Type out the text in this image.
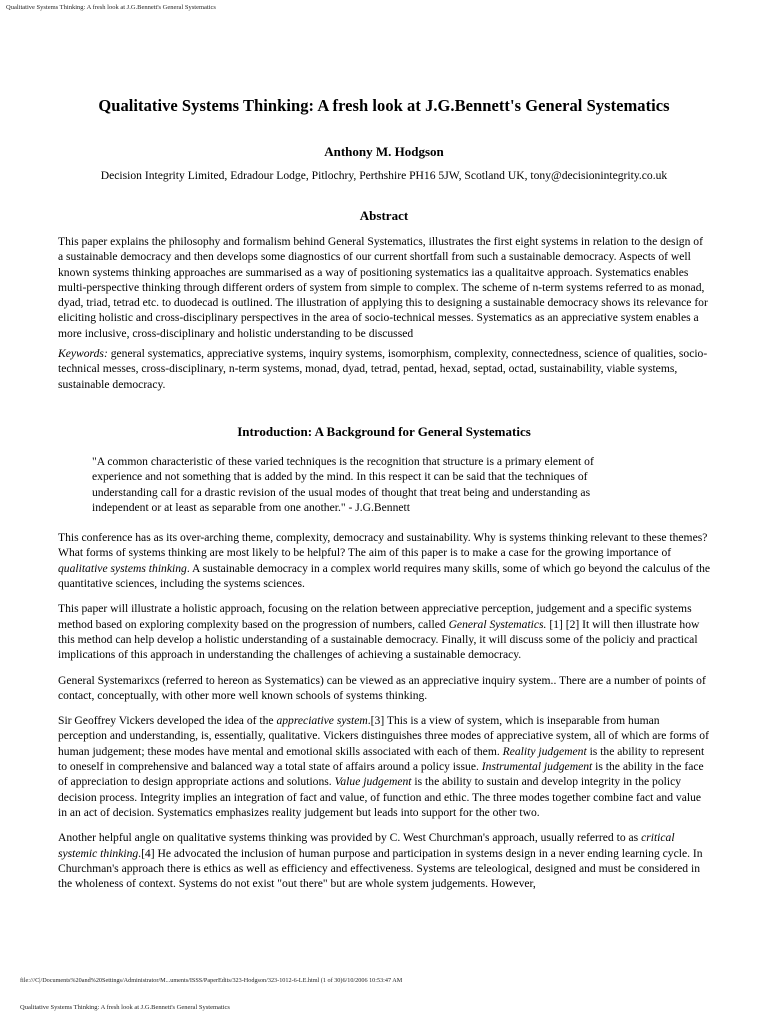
Qualitative Systems Thinking: A fresh look at J.G.Bennett's General Systematics
Qualitative Systems Thinking: A fresh look at J.G.Bennett's General Systematics
Anthony M. Hodgson
Decision Integrity Limited, Edradour Lodge, Pitlochry, Perthshire PH16 5JW, Scotland UK, tony@decisionintegrity.co.uk
Abstract

This paper explains the philosophy and formalism behind General Systematics, illustrates the first eight systems in relation to the design of a sustainable democracy and then develops some diagnostics of our current shortfall from such a sustainable democracy. Aspects of well known systems thinking approaches are summarised as a way of positioning systematics ias a qualitaitve approach. Systematics enables multi-perspective thinking through different orders of system from simple to complex. The scheme of n-term systems referred to as monad, dyad, triad, tetrad etc. to duodecad is outlined. The illustration of applying this to designing a sustainable democracy shows its relevance for eliciting holistic and cross-disciplinary perspectives in the area of socio-technical messes. Systematics as an appreciative system enables a more inclusive, cross-disciplinary and holistic understanding to be discussed

Keywords: general systematics, appreciative systems, inquiry systems, isomorphism, complexity, connectedness, science of qualities, socio-technical messes, cross-disciplinary, n-term systems, monad, dyad, tetrad, pentad, hexad, septad, octad, sustainability, viable systems, sustainable democracy.

Introduction: A Background for General Systematics
"A common characteristic of these varied techniques is the recognition that structure is a primary element of experience and not something that is added by the mind. In this respect it can be said that the techniques of understanding call for a drastic revision of the usual modes of thought that treat being and understanding as independent or at least as separable from one another." - J.G.Bennett

This conference has as its over-arching theme, complexity, democracy and sustainability. Why is systems thinking relevant to these themes? What forms of systems thinking are most likely to be helpful? The aim of this paper is to make a case for the growing importance of qualitative systems thinking. A sustainable democracy in a complex world requires many skills, some of which go beyond the calculus of the quantitative sciences, including the systems sciences.

This paper will illustrate a holistic approach, focusing on the relation between appreciative perception, judgement and a specific systems method based on exploring complexity based on the progression of numbers, called General Systematics. [1] [2] It will then illustrate how this method can help develop a holistic understanding of a sustainable democracy. Finally, it will discuss some of the policiy and practical implications of this approach in understanding the challenges of achieving a sustainable democracy.

General Systemarixcs (referred to hereon as Systematics) can be viewed as an appreciative inquiry system.. There are a number of points of contact, conceptually, with other more well known schools of systems thinking.

Sir Geoffrey Vickers developed the idea of the appreciative system.[3] This is a view of system, which is inseparable from human perception and understanding, is, essentially, qualitative. Vickers distinguishes three modes of appreciative system, all of which are forms of human judgement; these modes have mental and emotional skills associated with each of them. Reality judgement is the ability to represent to oneself in comprehensive and balanced way a total state of affairs around a policy issue. Instrumental judgement is the ability in the face of appreciation to design appropriate actions and solutions. Value judgement is the ability to sustain and develop integrity in the policy decision process. Integrity implies an integration of fact and value, of function and ethic. The three modes together combine fact and value in an act of decision. Systematics emphasizes reality judgement but leads into support for the other two.

Another helpful angle on qualitative systems thinking was provided by C. West Churchman's approach, usually referred to as critical systemic thinking.[4] He advocated the inclusion of human purpose and participation in systems design in a never ending learning cycle. In Churchman's approach there is ethics as well as efficiency and effectiveness. Systems are teleological, designed and must be considered in the wholeness of context. Systems do not exist "out there" but are whole system judgements. However,

file:///C|/Documents%20and%20Settings/Administrator/M...uments/ISSS/PaperEdits/323-Hodgson/323-1012-6-LE.html (1 of 30)6/10/2006 10:53:47 AM
Qualitative Systems Thinking: A fresh look at J.G.Bennett's General Systematics
